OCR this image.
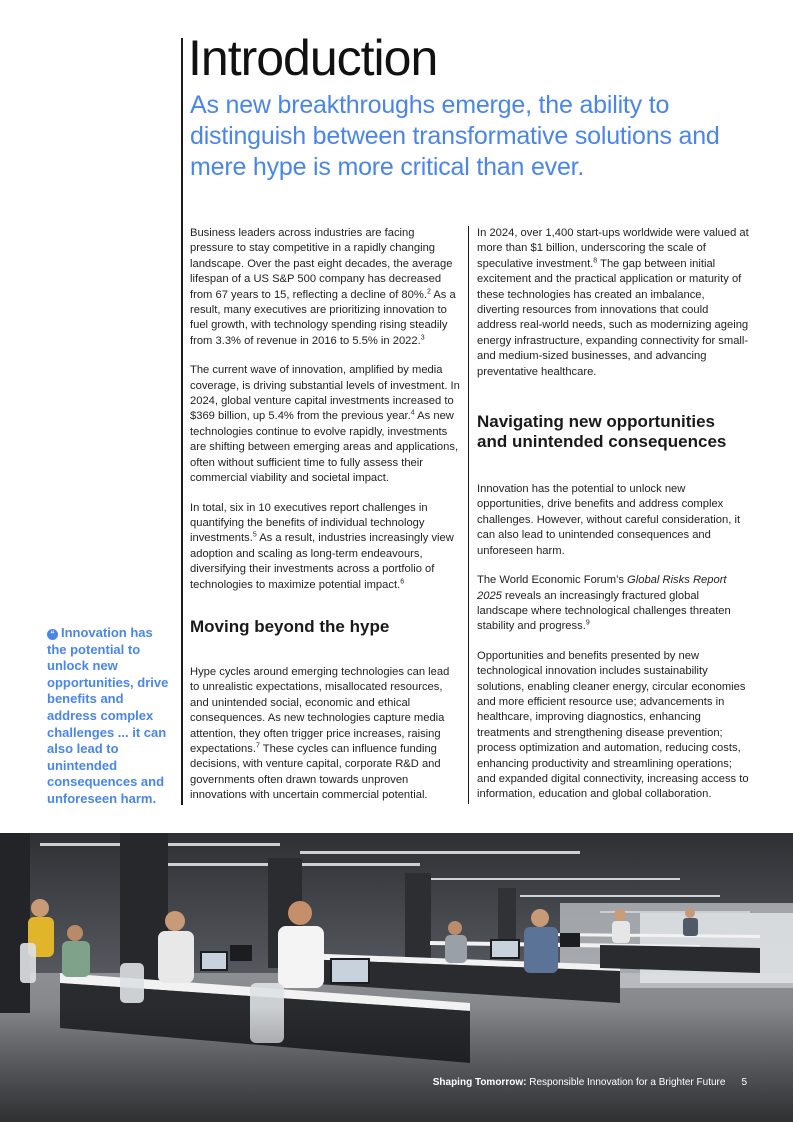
Introduction
As new breakthroughs emerge, the ability to distinguish between transformative solutions and mere hype is more critical than ever.

Business leaders across industries are facing pressure to stay competitive in a rapidly changing landscape. Over the past eight decades, the average lifespan of a US S&P 500 company has decreased from 67 years to 15, reflecting a decline of 80%.$^2$ As a result, many executives are prioritizing innovation to fuel growth, with technology spending rising steadily from 3.3% of revenue in 2016 to 5.5% in 2022.$^3$

The current wave of innovation, amplified by media coverage, is driving substantial levels of investment. In 2024, global venture capital investments increased to $369 billion, up 5.4% from the previous year.$^4$ As new technologies continue to evolve rapidly, investments are shifting between emerging areas and applications, often without sufficient time to fully assess their commercial viability and societal impact.

In total, six in 10 executives report challenges in quantifying the benefits of individual technology investments.$^5$ As a result, industries increasingly view adoption and scaling as long-term endeavours, diversifying their investments across a portfolio of technologies to maximize potential impact.$^6$

Moving beyond the hype

Hype cycles around emerging technologies can lead to unrealistic expectations, misallocated resources, and unintended social, economic and ethical consequences. As new technologies capture media attention, they often trigger price increases, raising expectations.$^7$ These cycles can influence funding decisions, with venture capital, corporate R&D and governments often drawn towards unproven innovations with uncertain commercial potential.

In 2024, over 1,400 start-ups worldwide were valued at more than $1 billion, underscoring the scale of speculative investment.$^8$ The gap between initial excitement and the practical application or maturity of these technologies has created an imbalance, diverting resources from innovations that could address real-world needs, such as modernizing ageing energy infrastructure, expanding connectivity for small- and medium-sized businesses, and advancing preventative healthcare.

Navigating new opportunities and unintended consequences

Innovation has the potential to unlock new opportunities, drive benefits and address complex challenges. However, without careful consideration, it can also lead to unintended consequences and unforeseen harm.

The World Economic Forum’s Global Risks Report 2025 reveals an increasingly fractured global landscape where technological challenges threaten stability and progress.$^9$

Opportunities and benefits presented by new technological innovation includes sustainability solutions, enabling cleaner energy, circular economies and more efficient resource use; advancements in healthcare, improving diagnostics, enhancing treatments and strengthening disease prevention; process optimization and automation, reducing costs, enhancing productivity and streamlining operations; and expanded digital connectivity, increasing access to information, education and global collaboration.

“ Innovation has the potential to unlock new opportunities, drive benefits and address complex challenges ... it can also lead to unintended consequences and unforeseen harm.
Shaping Tomorrow: Responsible Innovation for a Brighter Future 5
